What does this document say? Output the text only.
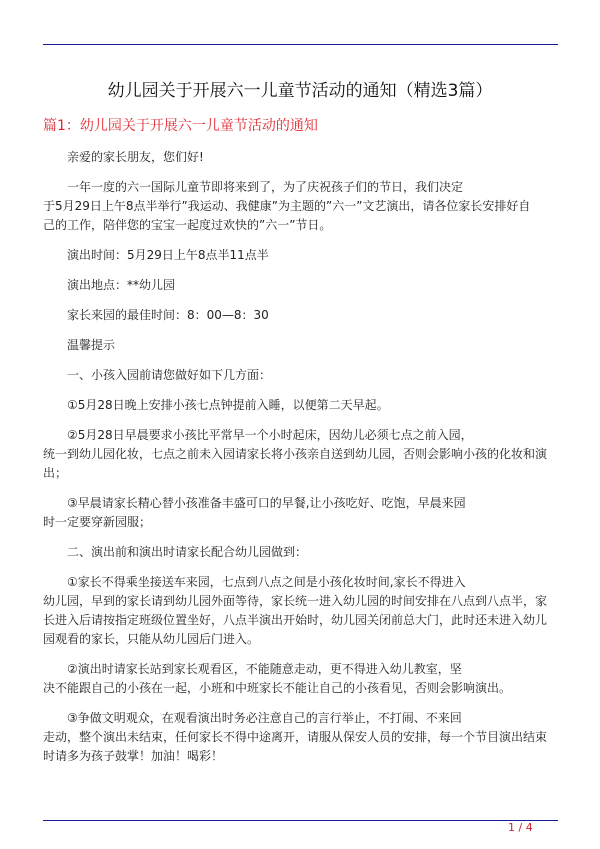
幼儿园关于开展六一儿童节活动的通知（精选3篇）
篇1：幼儿园关于开展六一儿童节活动的通知
亲爱的家长朋友，您们好!
一年一度的六一国际儿童节即将来到了，为了庆祝孩子们的节日，我们决定
于5月29日上午8点半举行”我运动、我健康”为主题的”六一”文艺演出，请各位家长安排好自
己的工作，陪伴您的宝宝一起度过欢快的”六一”节日。
演出时间：5月29日上午8点半11点半
演出地点：**幼儿园
家长来园的最佳时间：8：00—8：30
温馨提示
一、小孩入园前请您做好如下几方面：
①5月28日晚上安排小孩七点钟提前入睡，以便第二天早起。
②5月28日早晨要求小孩比平常早一个小时起床，因幼儿必须七点之前入园，
统一到幼儿园化妆，七点之前未入园请家长将小孩亲自送到幼儿园，否则会影响小孩的化妆和演
出；
③早晨请家长精心替小孩准备丰盛可口的早餐,让小孩吃好、吃饱，早晨来园
时一定要穿新园服；
二、演出前和演出时请家长配合幼儿园做到：
①家长不得乘坐接送车来园，七点到八点之间是小孩化妆时间,家长不得进入
幼儿园，早到的家长请到幼儿园外面等待，家长统一进入幼儿园的时间安排在八点到八点半，家
长进入后请按指定班级位置坐好，八点半演出开始时，幼儿园关闭前总大门，此时还未进入幼儿
园观看的家长，只能从幼儿园后门进入。
②演出时请家长站到家长观看区，不能随意走动，更不得进入幼儿教室，坚
决不能跟自己的小孩在一起，小班和中班家长不能让自己的小孩看见，否则会影响演出。
③争做文明观众，在观看演出时务必注意自己的言行举止，不打闹、不来回
走动，整个演出未结束，任何家长不得中途离开，请服从保安人员的安排，每一个节目演出结束
时请多为孩子鼓掌！加油！喝彩！
1 / 4
